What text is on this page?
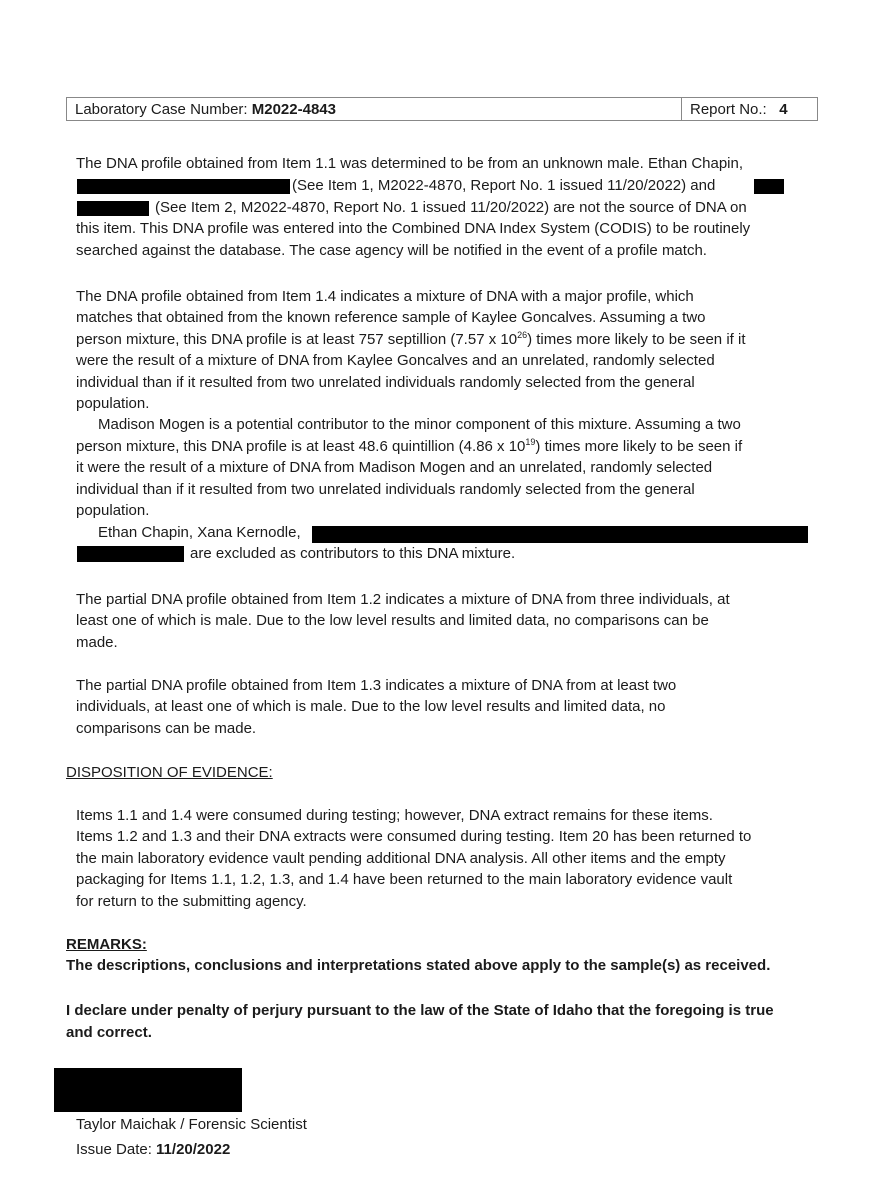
Laboratory Case Number: M2022-4843	Report No.: 4
The DNA profile obtained from Item 1.1 was determined to be from an unknown male. Ethan Chapin,
(See Item 1, M2022-4870, Report No. 1 issued 11/20/2022) and
(See Item 2, M2022-4870, Report No. 1 issued 11/20/2022) are not the source of DNA on
this item. This DNA profile was entered into the Combined DNA Index System (CODIS) to be routinely
searched against the database. The case agency will be notified in the event of a profile match.
The DNA profile obtained from Item 1.4 indicates a mixture of DNA with a major profile, which
matches that obtained from the known reference sample of Kaylee Goncalves. Assuming a two
person mixture, this DNA profile is at least 757 septillion (7.57 x $10^{26}$) times more likely to be seen if it
were the result of a mixture of DNA from Kaylee Goncalves and an unrelated, randomly selected
individual than if it resulted from two unrelated individuals randomly selected from the general
population.
Madison Mogen is a potential contributor to the minor component of this mixture. Assuming a two
person mixture, this DNA profile is at least 48.6 quintillion (4.86 x $10^{19}$) times more likely to be seen if
it were the result of a mixture of DNA from Madison Mogen and an unrelated, randomly selected
individual than if it resulted from two unrelated individuals randomly selected from the general
population.
Ethan Chapin, Xana Kernodle,
are excluded as contributors to this DNA mixture.
The partial DNA profile obtained from Item 1.2 indicates a mixture of DNA from three individuals, at
least one of which is male. Due to the low level results and limited data, no comparisons can be
made.
The partial DNA profile obtained from Item 1.3 indicates a mixture of DNA from at least two
individuals, at least one of which is male. Due to the low level results and limited data, no
comparisons can be made.
DISPOSITION OF EVIDENCE:
Items 1.1 and 1.4 were consumed during testing; however, DNA extract remains for these items.
Items 1.2 and 1.3 and their DNA extracts were consumed during testing. Item 20 has been returned to
the main laboratory evidence vault pending additional DNA analysis. All other items and the empty
packaging for Items 1.1, 1.2, 1.3, and 1.4 have been returned to the main laboratory evidence vault
for return to the submitting agency.
REMARKS:
The descriptions, conclusions and interpretations stated above apply to the sample(s) as received.
I declare under penalty of perjury pursuant to the law of the State of Idaho that the foregoing is true
and correct.
Taylor Maichak / Forensic Scientist
Issue Date: 11/20/2022
